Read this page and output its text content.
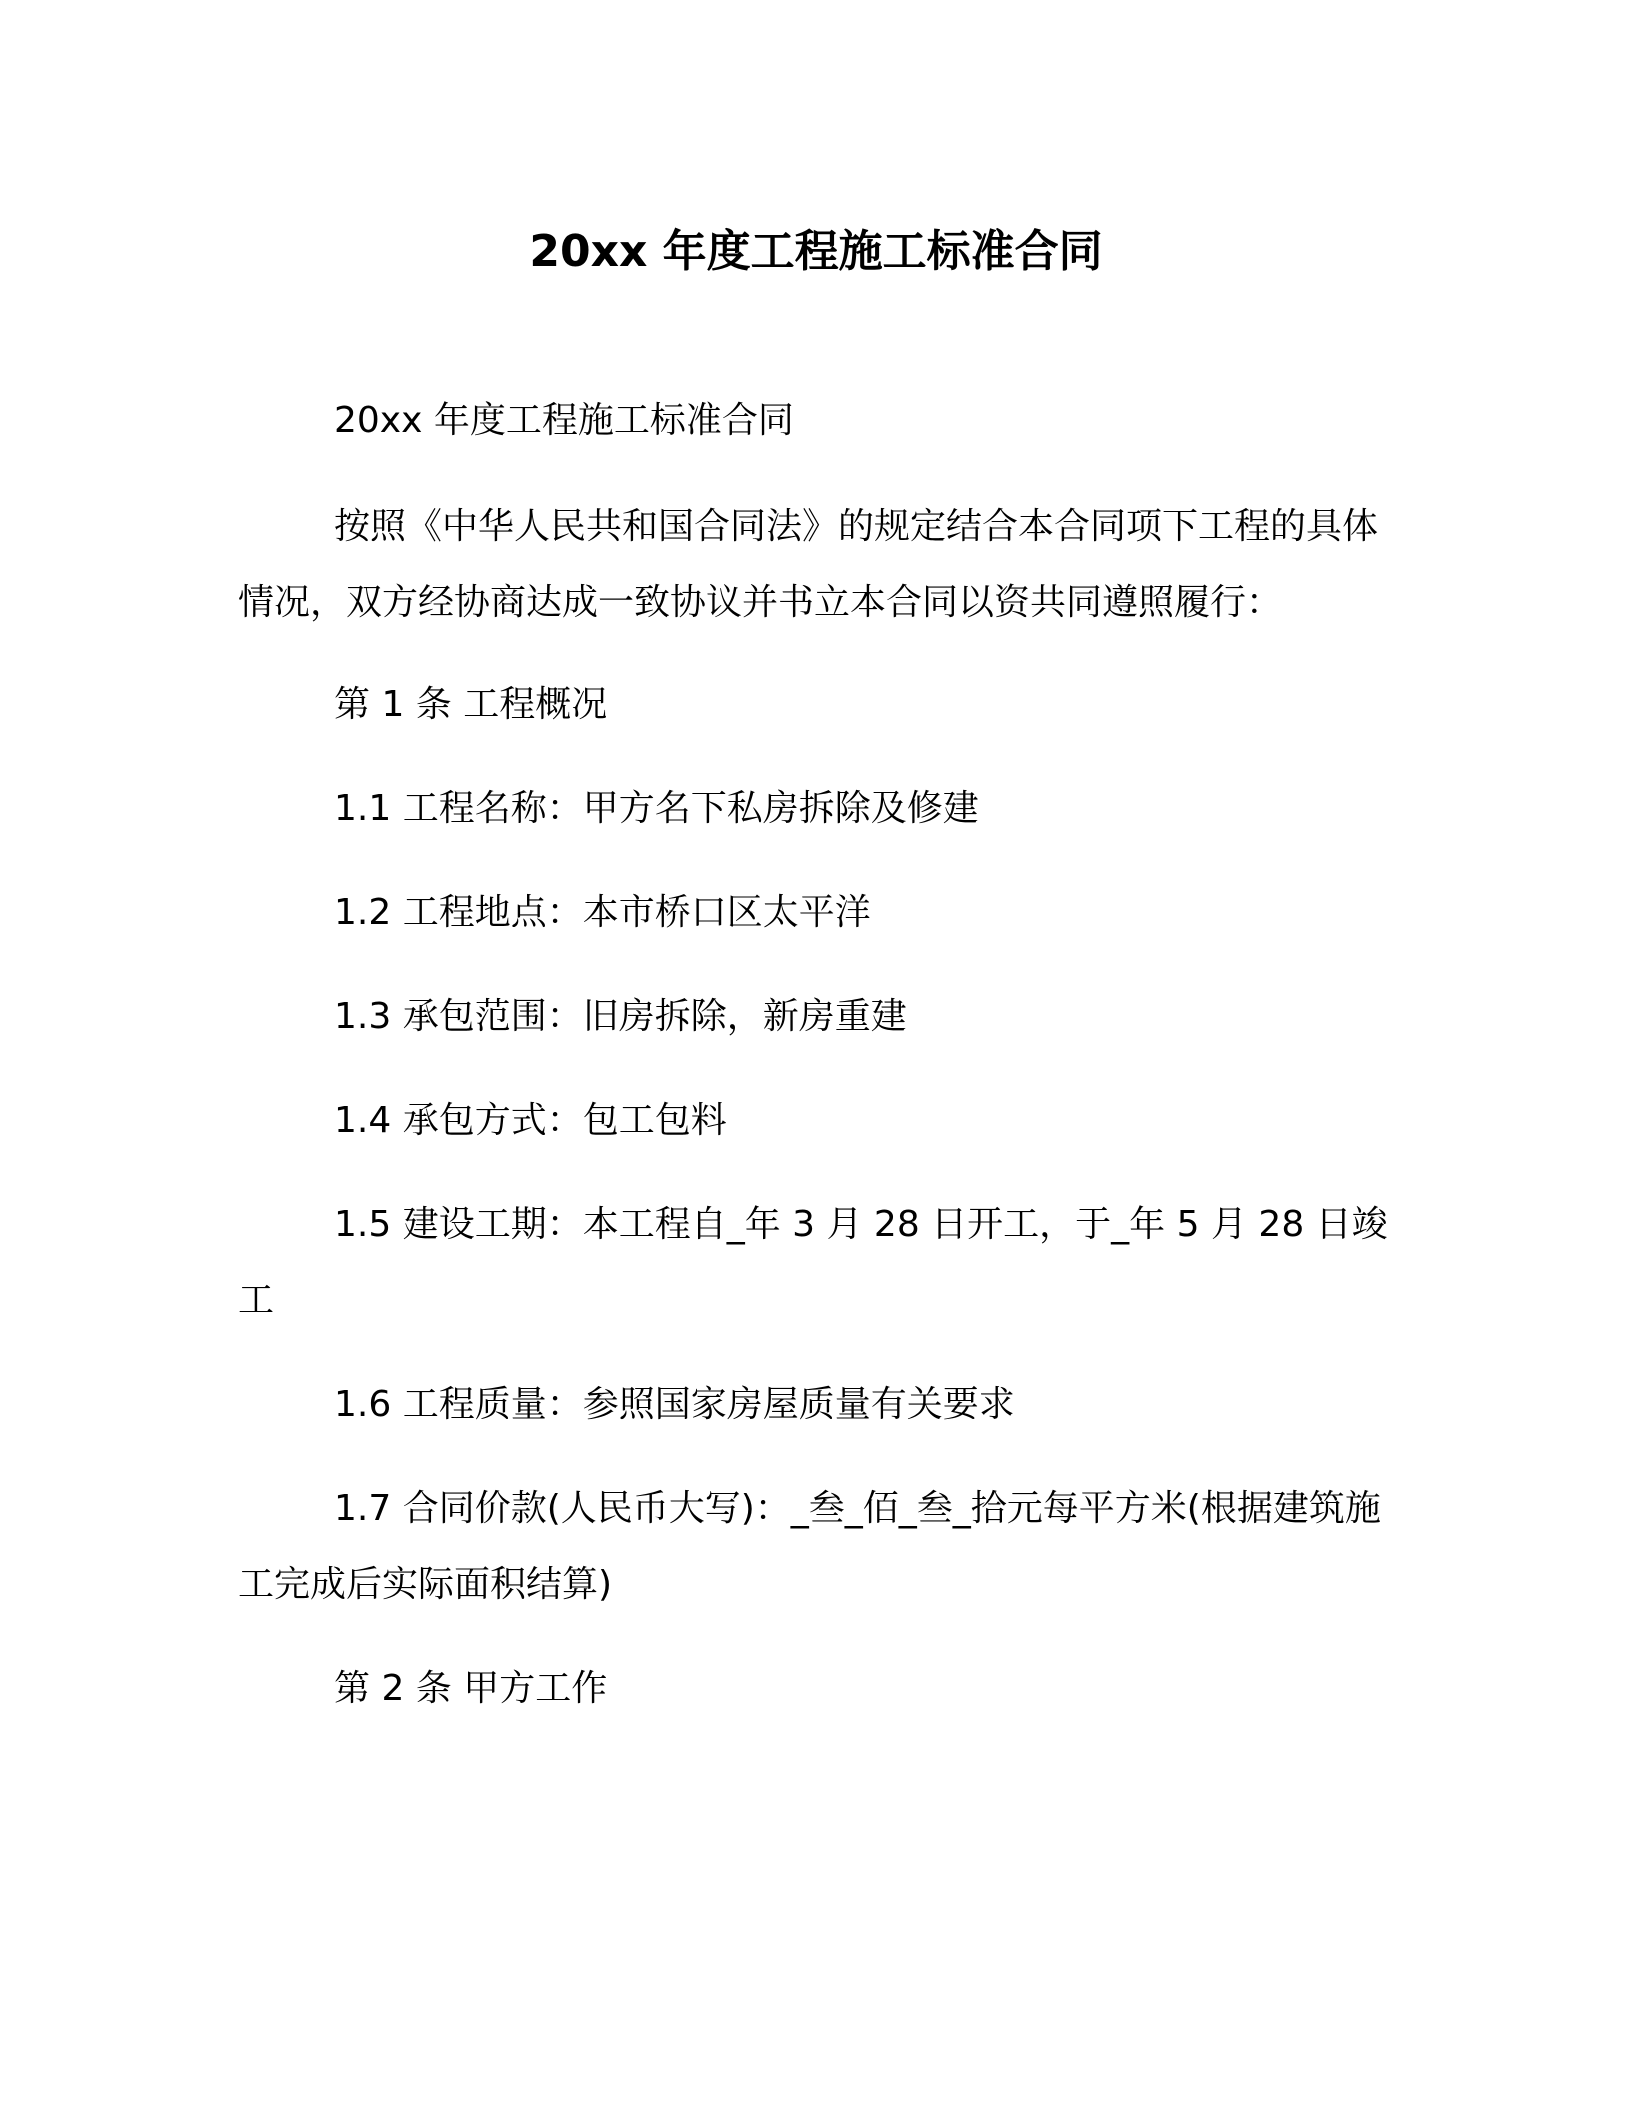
20xx 年度工程施工标准合同

20xx 年度工程施工标准合同

按照《中华人民共和国合同法》的规定结合本合同项下工程的具体情况，双方经协商达成一致协议并书立本合同以资共同遵照履行：

第 1 条 工程概况

1.1 工程名称：甲方名下私房拆除及修建

1.2 工程地点：本市桥口区太平洋

1.3 承包范围：旧房拆除，新房重建

1.4 承包方式：包工包料

1.5 建设工期：本工程自_年 3 月 28 日开工，于_年 5 月 28 日竣工

1.6 工程质量：参照国家房屋质量有关要求

1.7 合同价款(人民币大写)：_叁_佰_叁_拾元每平方米(根据建筑施工完成后实际面积结算)

第 2 条 甲方工作
